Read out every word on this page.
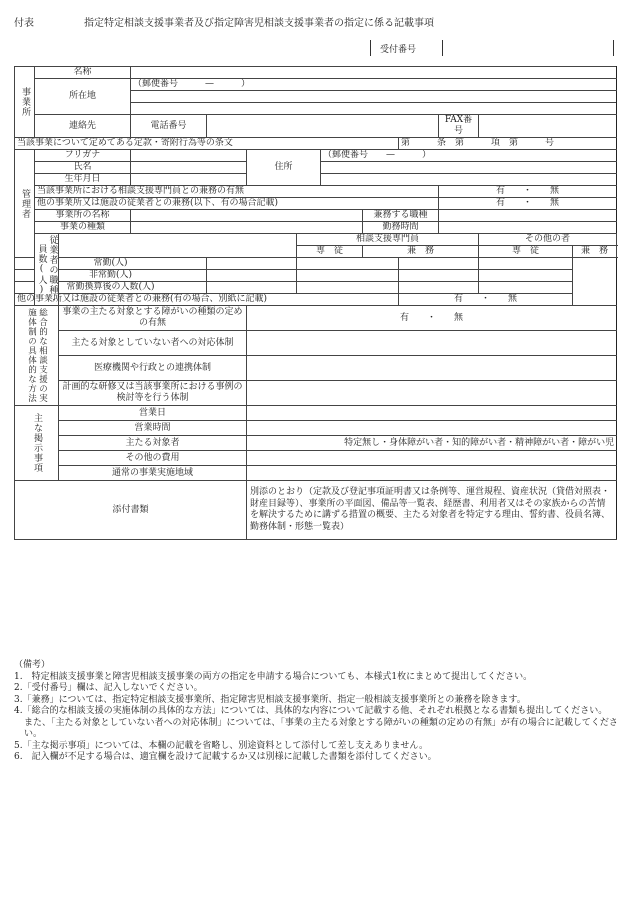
付表	指定特定相談支援事業者及び指定障害児相談支援事業者の指定に係る記載事項
受付番号
事業所	名称											
	所在地		（郵便番号　　　—　　　）									

	連絡先		電話番号							FAX番号		
当該事業について定めてある定款・寄附行為等の条文									第　　　条　第　　　項　第　　　号			
管理者	フリガナ				住所		（郵便番号　　—　　　）					
	氏名											
	生年月日											
	当該事業所における相談支援専門員との兼務の有無									有　　・　　無		
	他の事業所又は施設の従業者との兼務(以下、有の場合記載)									有　　・　　無		
	事業所の名称							兼務する職種				
	事業の種類							勤務時間				
	従業者の職種・員数(人)					相談支援専門員					その他の者	
						専　従		兼　務			専　従	兼　務
常勤(人)												
非常勤(人)												
常勤換算後の人数(人)												
他の事業所又は施設の従業者との兼務(有の場合、別紙に記載)									有　　・　　無			
総合的な相談支援の実施体制の具体的な方法		事業の主たる対象とする障がいの種類の定めの有無			有　　・　　無							
		主たる対象としていない者への対応体制										
		医療機関や行政との連携体制										
		計画的な研修又は当該事業所における事例の検討等を行う体制										
主な掲示事項		営業日										
		営業時間										
		主たる対象者			特定無し・身体障がい者・知的障がい者・精神障がい者・障がい児							
		その他の費用										
		通常の事業実施地域										
添付書類					別添のとおり（定款及び登記事項証明書又は条例等、運営規程、資産状況（貸借対照表・財産目録等）、事業所の平面図、備品等一覧表、経歴書、利用者又はその家族からの苦情を解決するために講ずる措置の概要、主たる対象者を特定する理由、誓約書、役員名簿、勤務体制・形態一覧表）							
（備考）
1.　特定相談支援事業と障害児相談支援事業の両方の指定を申請する場合についても、本様式1枚にまとめて提出してください。
2.「受付番号」欄は、記入しないでください。
3.「兼務」については、指定特定相談支援事業所、指定障害児相談支援事業所、指定一般相談支援事業所との兼務を除きます。
4.「総合的な相談支援の実施体制の具体的な方法」については、具体的な内容について記載する他、それぞれ根拠となる書類も提出してください。
また、「主たる対象としていない者への対応体制」については、「事業の主たる対象とする障がいの種類の定めの有無」が有の場合に記載してください。
5.「主な掲示事項」については、本欄の記載を省略し、別途資料として添付して差し支えありません。
6.　記入欄が不足する場合は、適宜欄を設けて記載するか又は別様に記載した書類を添付してください。
